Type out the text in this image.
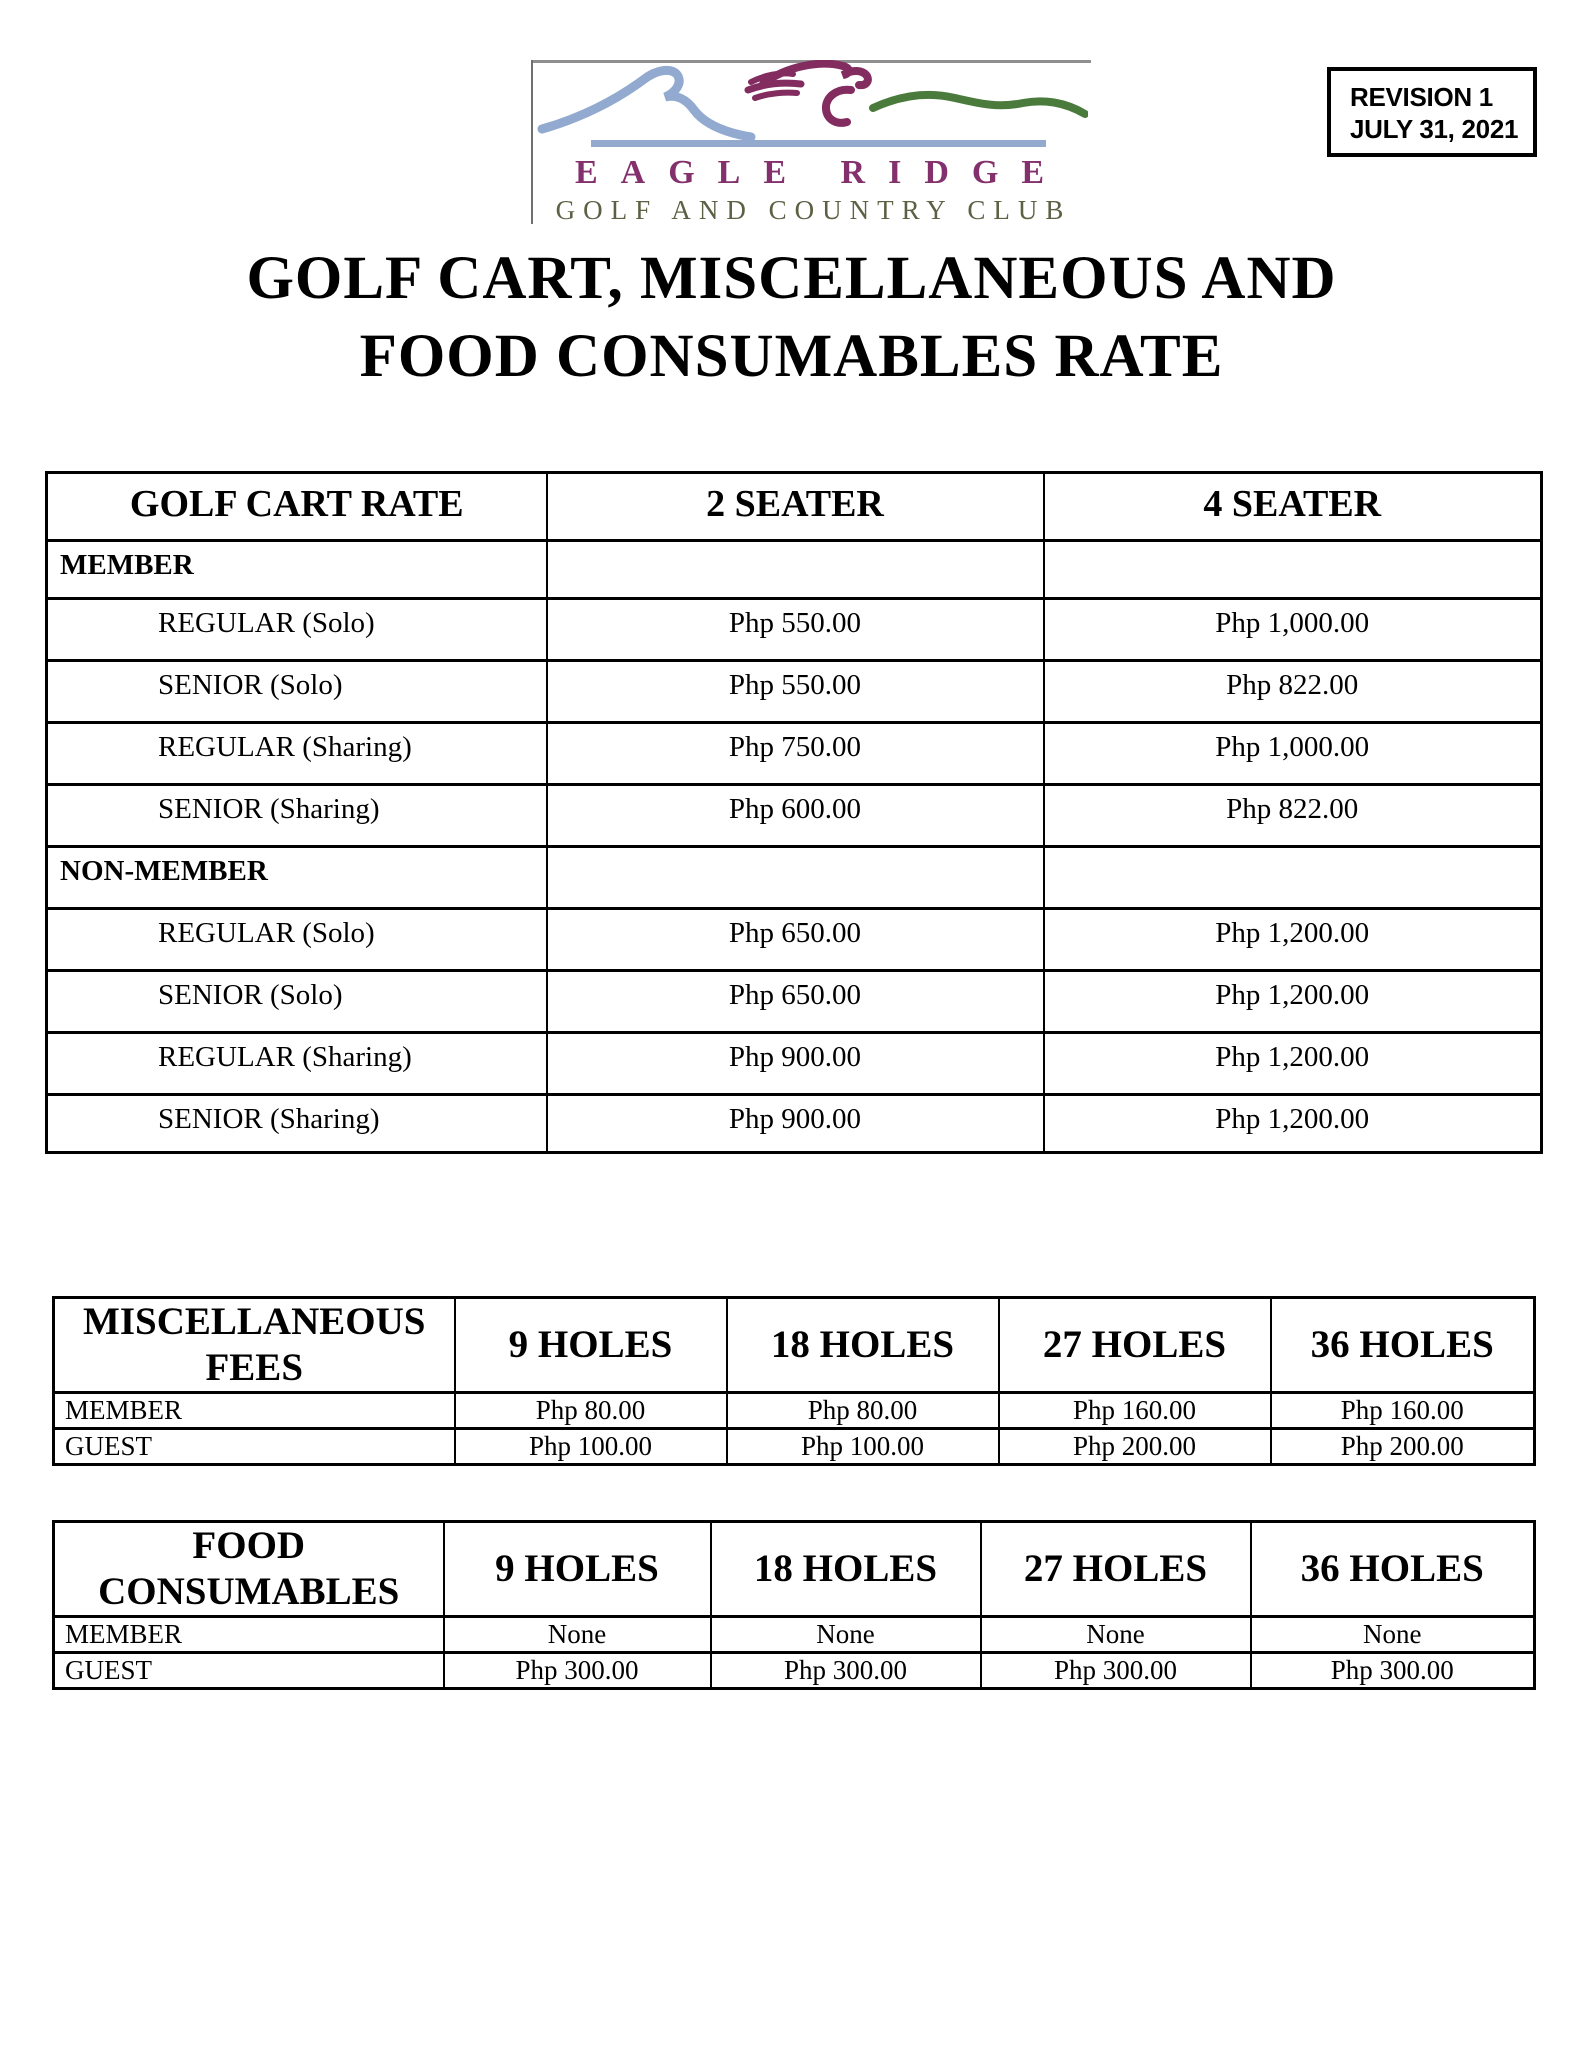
EAGLE RIDGE
GOLF AND COUNTRY CLUB
REVISION 1
JULY 31, 2021
GOLF CART, MISCELLANEOUS AND
FOOD CONSUMABLES RATE
GOLF CART RATE	2 SEATER	4 SEATER
MEMBER		
REGULAR (Solo)	Php 550.00	Php 1,000.00
SENIOR (Solo)	Php 550.00	Php 822.00
REGULAR (Sharing)	Php 750.00	Php 1,000.00
SENIOR (Sharing)	Php 600.00	Php 822.00
NON-MEMBER		
REGULAR (Solo)	Php 650.00	Php 1,200.00
SENIOR (Solo)	Php 650.00	Php 1,200.00
REGULAR (Sharing)	Php 900.00	Php 1,200.00
SENIOR (Sharing)	Php 900.00	Php 1,200.00
MISCELLANEOUS FEES	9 HOLES	18 HOLES	27 HOLES	36 HOLES
MEMBER	Php 80.00	Php 80.00	Php 160.00	Php 160.00
GUEST	Php 100.00	Php 100.00	Php 200.00	Php 200.00
FOOD CONSUMABLES	9 HOLES	18 HOLES	27 HOLES	36 HOLES
MEMBER	None	None	None	None
GUEST	Php 300.00	Php 300.00	Php 300.00	Php 300.00
